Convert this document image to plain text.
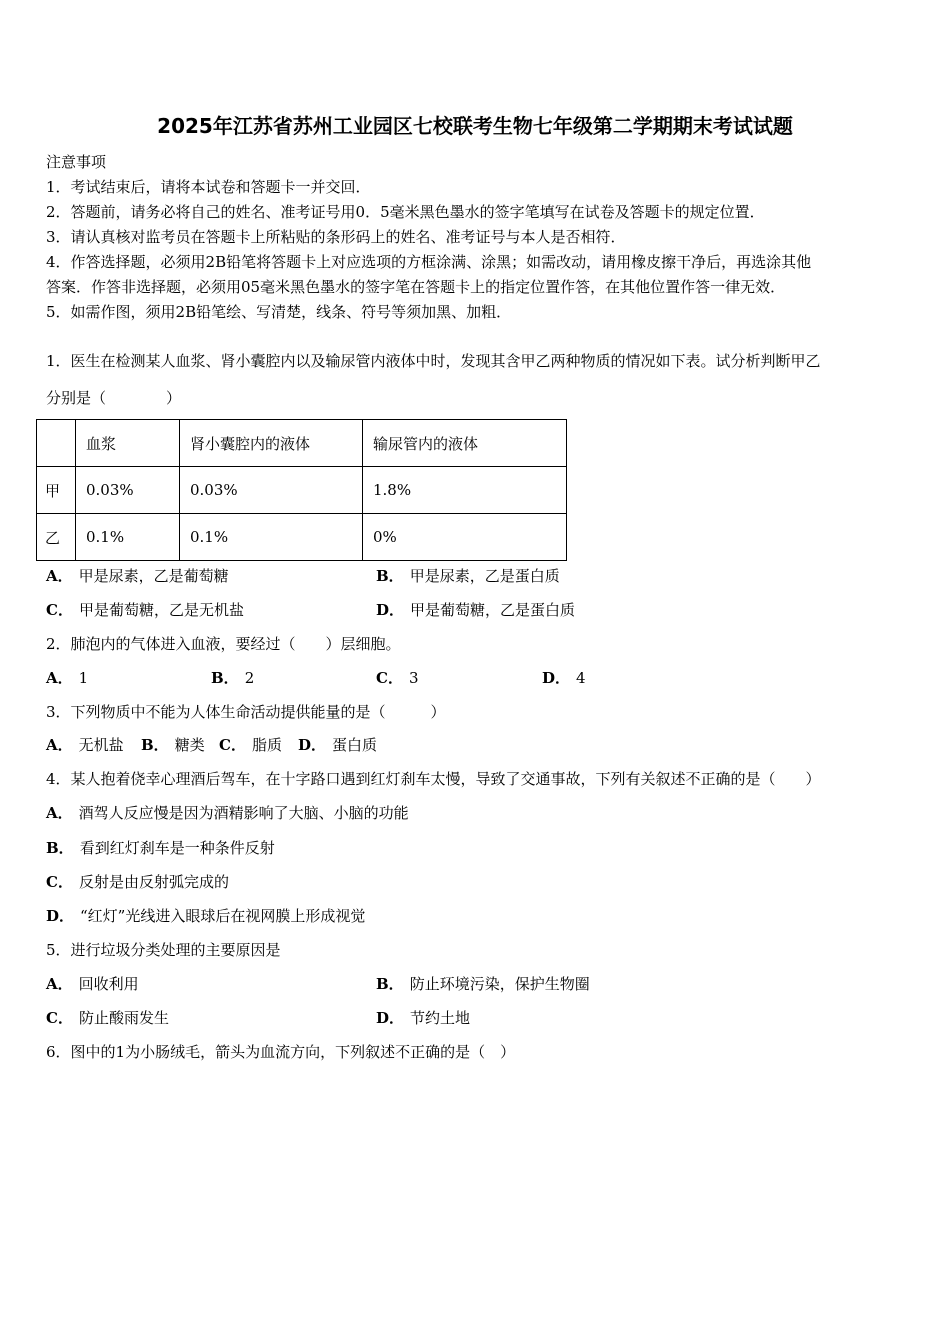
2025年江苏省苏州工业园区七校联考生物七年级第二学期期末考试试题
注意事项
1．考试结束后，请将本试卷和答题卡一并交回．
2．答题前，请务必将自己的姓名、准考证号用0．5毫米黑色墨水的签字笔填写在试卷及答题卡的规定位置．
3．请认真核对监考员在答题卡上所粘贴的条形码上的姓名、准考证号与本人是否相符．
4．作答选择题，必须用2B铅笔将答题卡上对应选项的方框涂满、涂黑；如需改动，请用橡皮擦干净后，再选涂其他
答案．作答非选择题，必须用05毫米黑色墨水的签字笔在答题卡上的指定位置作答，在其他位置作答一律无效．
5．如需作图，须用2B铅笔绘、写清楚，线条、符号等须加黑、加粗．
1．医生在检测某人血浆、肾小囊腔内以及输尿管内液体中时，发现其含甲乙两种物质的情况如下表。试分析判断甲乙
分别是（　　　　）
	血浆	肾小囊腔内的液体	输尿管内的液体
甲	0.03%	0.03%	1.8%
乙	0.1%	0.1%	0%
A． 甲是尿素，乙是葡萄糖	B． 甲是尿素，乙是蛋白质
C． 甲是葡萄糖，乙是无机盐	D． 甲是葡萄糖，乙是蛋白质
2．肺泡内的气体进入血液，要经过（　　）层细胞。
A． 1	B． 2	C． 3	D． 4
3．下列物质中不能为人体生命活动提供能量的是（　　　）
A． 无机盐 B． 糖类 C． 脂质 D． 蛋白质
4．某人抱着侥幸心理酒后驾车，在十字路口遇到红灯刹车太慢，导致了交通事故，下列有关叙述不正确的是（　　）
A． 酒驾人反应慢是因为酒精影响了大脑、小脑的功能
B． 看到红灯刹车是一种条件反射
C． 反射是由反射弧完成的
D． “红灯”光线进入眼球后在视网膜上形成视觉
5．进行垃圾分类处理的主要原因是
A． 回收利用	B． 防止环境污染，保护生物圈
C． 防止酸雨发生	D． 节约土地
6．图中的1为小肠绒毛，箭头为血流方向，下列叙述不正确的是（　）
